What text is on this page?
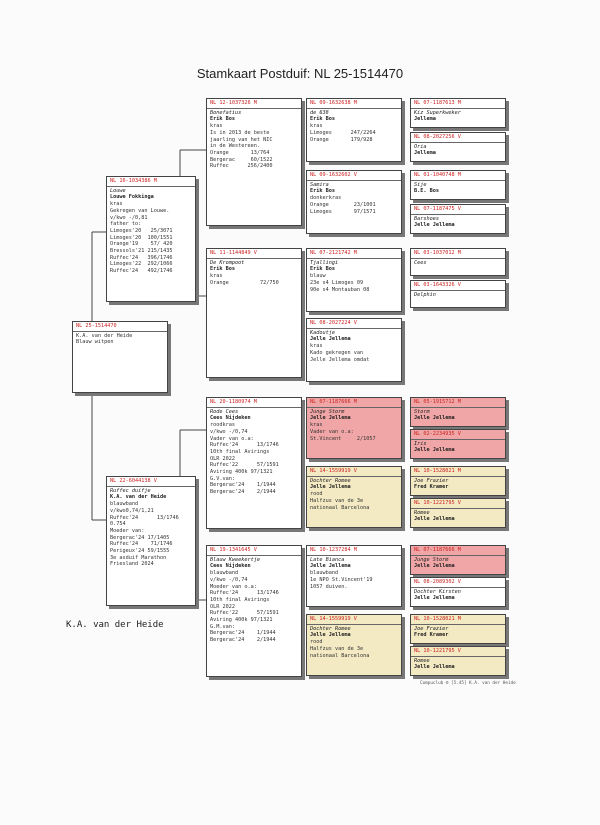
Stamkaart Postduif: NL 25-1514470
NL 25-1514470
K.A. van der Heide
Blauw witpen
NL 16-1034386 M
Louwe
Louwe Fokkinga
kras
Gekregen van Louwe.
v/kwo -/0,81
father to:
Limoges'20   25/3071
Limoges'20  100/1551
Orange'19    57/ 420
Bressols'21 215/1435
Ruffec'24   396/1746
Limoges'22  292/1066
Ruffec'24   492/1746
NL 22-6044138 V
Ruffec duifje
K.A. van der Heide
blauwband
v/kwo0,74/1,21
Ruffec'24      13/1746
0.754
Moeder van:
Bergerac'24 17/1405
Ruffec'24    71/1746
Perigeux'24 59/1555
3e asduif Marathon
Friesland 2024
NL 12-1037326 M
Bonefatius
Erik Bos
kras
Is in 2013 de beste
jaarling van het NIC
in de Westereen.
Orange       13/764
Bergerac     60/1522
Ruffec      256/2400
NL 11-1144849 V
De Krompoot
Erik Bos
kras
Orange          72/750
NL 20-1180974 M
Rode Cees
Cees Nijdeken
roodkras
v/kwo -/0,74
Vader van o.a:
Ruffec'24      13/1746
10th final Avirings
OLR 2022
Ruffec'22      57/1591
Aviring 400k 97/1321
G.V.van:
Bergerac'24    1/1944
Bergerac'24    2/1944
NL 19-1341645 V
Blauw Kweekertje
Cees Nijdeken
blauwband
v/kwo -/0,74
Moeder van o.a:
Ruffec'24      13/1746
10th final Avirings
OLR 2022
Ruffec'22      57/1591
Aviring 400k 97/1321
G.M.van:
Bergerac'24    1/1944
Bergerac'24    2/1944
NL 09-1632638 M
de 638
Erik Bos
kras
Limoges      247/2264
Orange       179/928
NL 09-1632602 V
Samira
Erik Bos
donkerkras
Orange        23/1001
Limoges       97/1571
NL 07-2121742 M
Tjallingi
Erik Bos
blauw
23e s4 Limoges 09
90e s4 Montauban 08
NL 08-2027224 V
Kadoutje
Jelle Jellema
kras
Kado gekregen van
Jelle Jellema omdat
NL 07-1187666 M
Junge Storm
Jelle Jellema
kras
Vader van o.a:
St.Vincent     2/1057
NL 14-1559919 V
Dochter Romee
Jelle Jellema
rood
Halfzus van de 3e
nationaal Barcelona
NL 10-1237284 M
Late Bianca
Jelle Jellema
blauwband
1e NPO St.Vincent'19
1057 duiven.
NL 14-1559919 V
Dochter Romee
Jelle Jellema
rood
Halfzus van de 3e
nationaal Barcelona
NL 07-1187613 M
Kiz Superkweker
Jellema
NL 08-2027256 V
Oria
Jellema
NL 01-1040748 M
Sije
B.E. Bos
NL 07-1187475 V
Barshoes
Jelle Jellema
NL 03-1037012 M
Cees
NL 03-1643326 V
Delphin
NL 05-1915712 M
Storm
Jelle Jellema
NL 02-2234935 V
Iris
Jelle Jellema
NL 10-1528021 M
Joe Frazier
Fred Kramer
NL 10-1221795 V
Romee
Jelle Jellema
NL 07-1187666 M
Junge Storm
Jelle Jellema
NL 08-2089302 V
Dochter Kirsten
Jelle Jellema
NL 10-1528021 M
Joe Frazier
Fred Kramer
NL 10-1221795 V
Romee
Jelle Jellema
K.A. van der Heide
Compuclub ® [5.45] K.A. van der Heide
